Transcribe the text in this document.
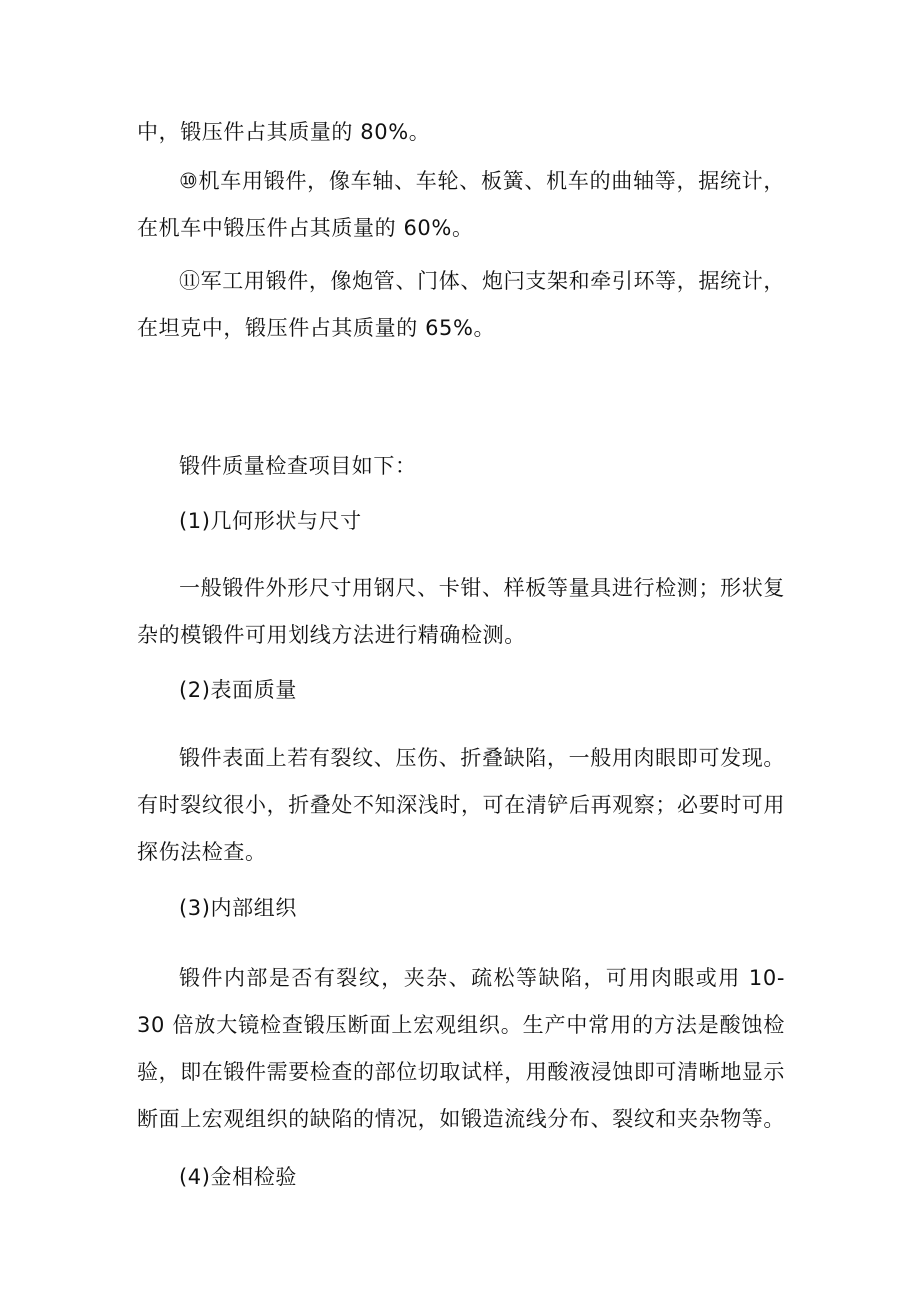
中，锻压件占其质量的 80%。

⑩机车用锻件，像车轴、车轮、板簧、机车的曲轴等，据统计，在机车中锻压件占其质量的 60%。

⑪军工用锻件，像炮管、门体、炮闩支架和牵引环等，据统计，在坦克中，锻压件占其质量的 65%。

锻件质量检查项目如下：

(1)几何形状与尺寸

一般锻件外形尺寸用钢尺、卡钳、样板等量具进行检测；形状复杂的模锻件可用划线方法进行精确检测。

(2)表面质量

锻件表面上若有裂纹、压伤、折叠缺陷，一般用肉眼即可发现。有时裂纹很小，折叠处不知深浅时，可在清铲后再观察；必要时可用探伤法检查。

(3)内部组织

锻件内部是否有裂纹，夹杂、疏松等缺陷，可用肉眼或用 10-30 倍放大镜检查锻压断面上宏观组织。生产中常用的方法是酸蚀检验，即在锻件需要检查的部位切取试样，用酸液浸蚀即可清晰地显示断面上宏观组织的缺陷的情况，如锻造流线分布、裂纹和夹杂物等。

(4)金相检验
